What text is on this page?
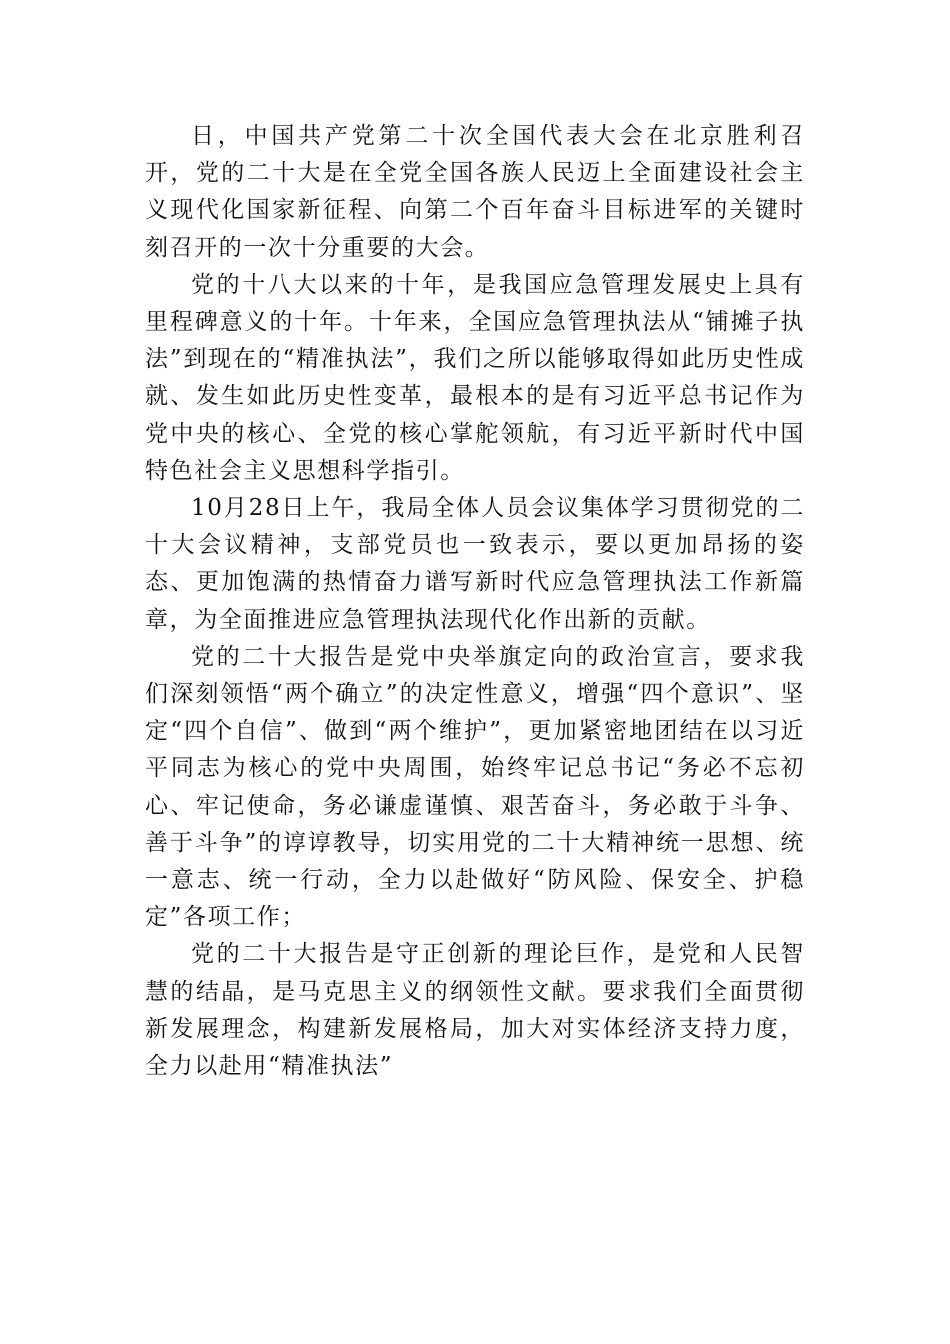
日，中国共产党第二十次全国代表大会在北京胜利召开，党的二十大是在全党全国各族人民迈上全面建设社会主义现代化国家新征程、向第二个百年奋斗目标进军的关键时刻召开的一次十分重要的大会。

党的十八大以来的十年，是我国应急管理发展史上具有里程碑意义的十年。十年来，全国应急管理执法从“铺摊子执法”到现在的“精准执法”，我们之所以能够取得如此历史性成就、发生如此历史性变革，最根本的是有习近平总书记作为党中央的核心、全党的核心掌舵领航，有习近平新时代中国特色社会主义思想科学指引。

10月28日上午，我局全体人员会议集体学习贯彻党的二十大会议精神，支部党员也一致表示，要以更加昂扬的姿态、更加饱满的热情奋力谱写新时代应急管理执法工作新篇章，为全面推进应急管理执法现代化作出新的贡献。

党的二十大报告是党中央举旗定向的政治宣言，要求我们深刻领悟“两个确立”的决定性意义，增强“四个意识”、坚定“四个自信”、做到“两个维护”，更加紧密地团结在以习近平同志为核心的党中央周围，始终牢记总书记“务必不忘初心、牢记使命，务必谦虚谨慎、艰苦奋斗，务必敢于斗争、善于斗争”的谆谆教导，切实用党的二十大精神统一思想、统一意志、统一行动，全力以赴做好“防风险、保安全、护稳定”各项工作；

党的二十大报告是守正创新的理论巨作，是党和人民智慧的结晶，是马克思主义的纲领性文献。要求我们全面贯彻新发展理念，构建新发展格局，加大对实体经济支持力度，全力以赴用“精准执法”
